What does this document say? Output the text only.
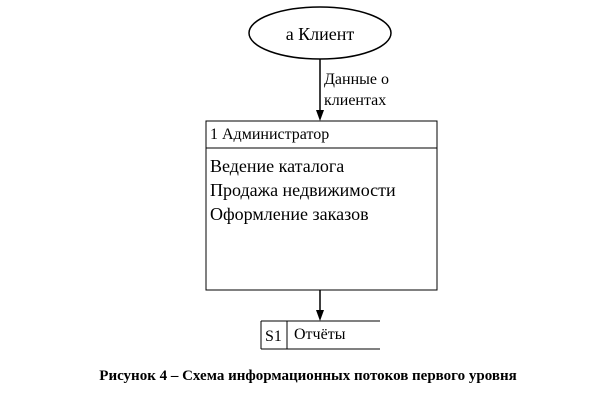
а Клиент
Данные о
клиентах
1 Администратор
Ведение каталога
Продажа недвижимости
Оформление заказов
S1 Отчёты
Рисунок 4 – Схема информационных потоков первого уровня
